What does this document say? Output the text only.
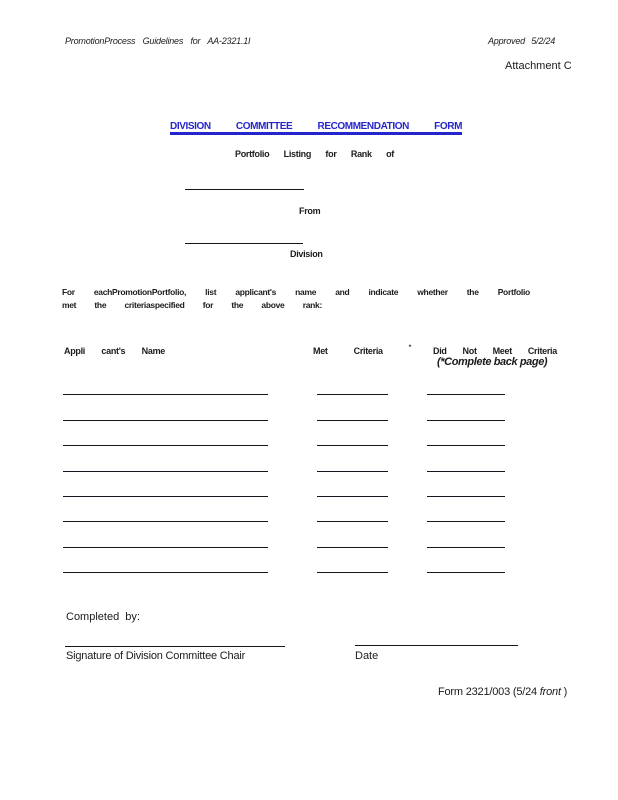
PromotionProcess Guidelines for AA-2321.1I	Approved 5/2/24
Attachment C
DIVISION	COMMITTEE	RECOMMENDATION	FORM
Portfolio Listing for Rank of
From
Division
For eachPromotionPortfolio, list applicant's name and indicate whether the Portfolio
met the criteriaspecified for the above rank:
Appli cant's Name	Met	Criteria	* Did Not Meet Criteria
(*Complete back page)
Completed by:
Signature of Division Committee Chair	Date
Form 2321/003 (5/24 front )
